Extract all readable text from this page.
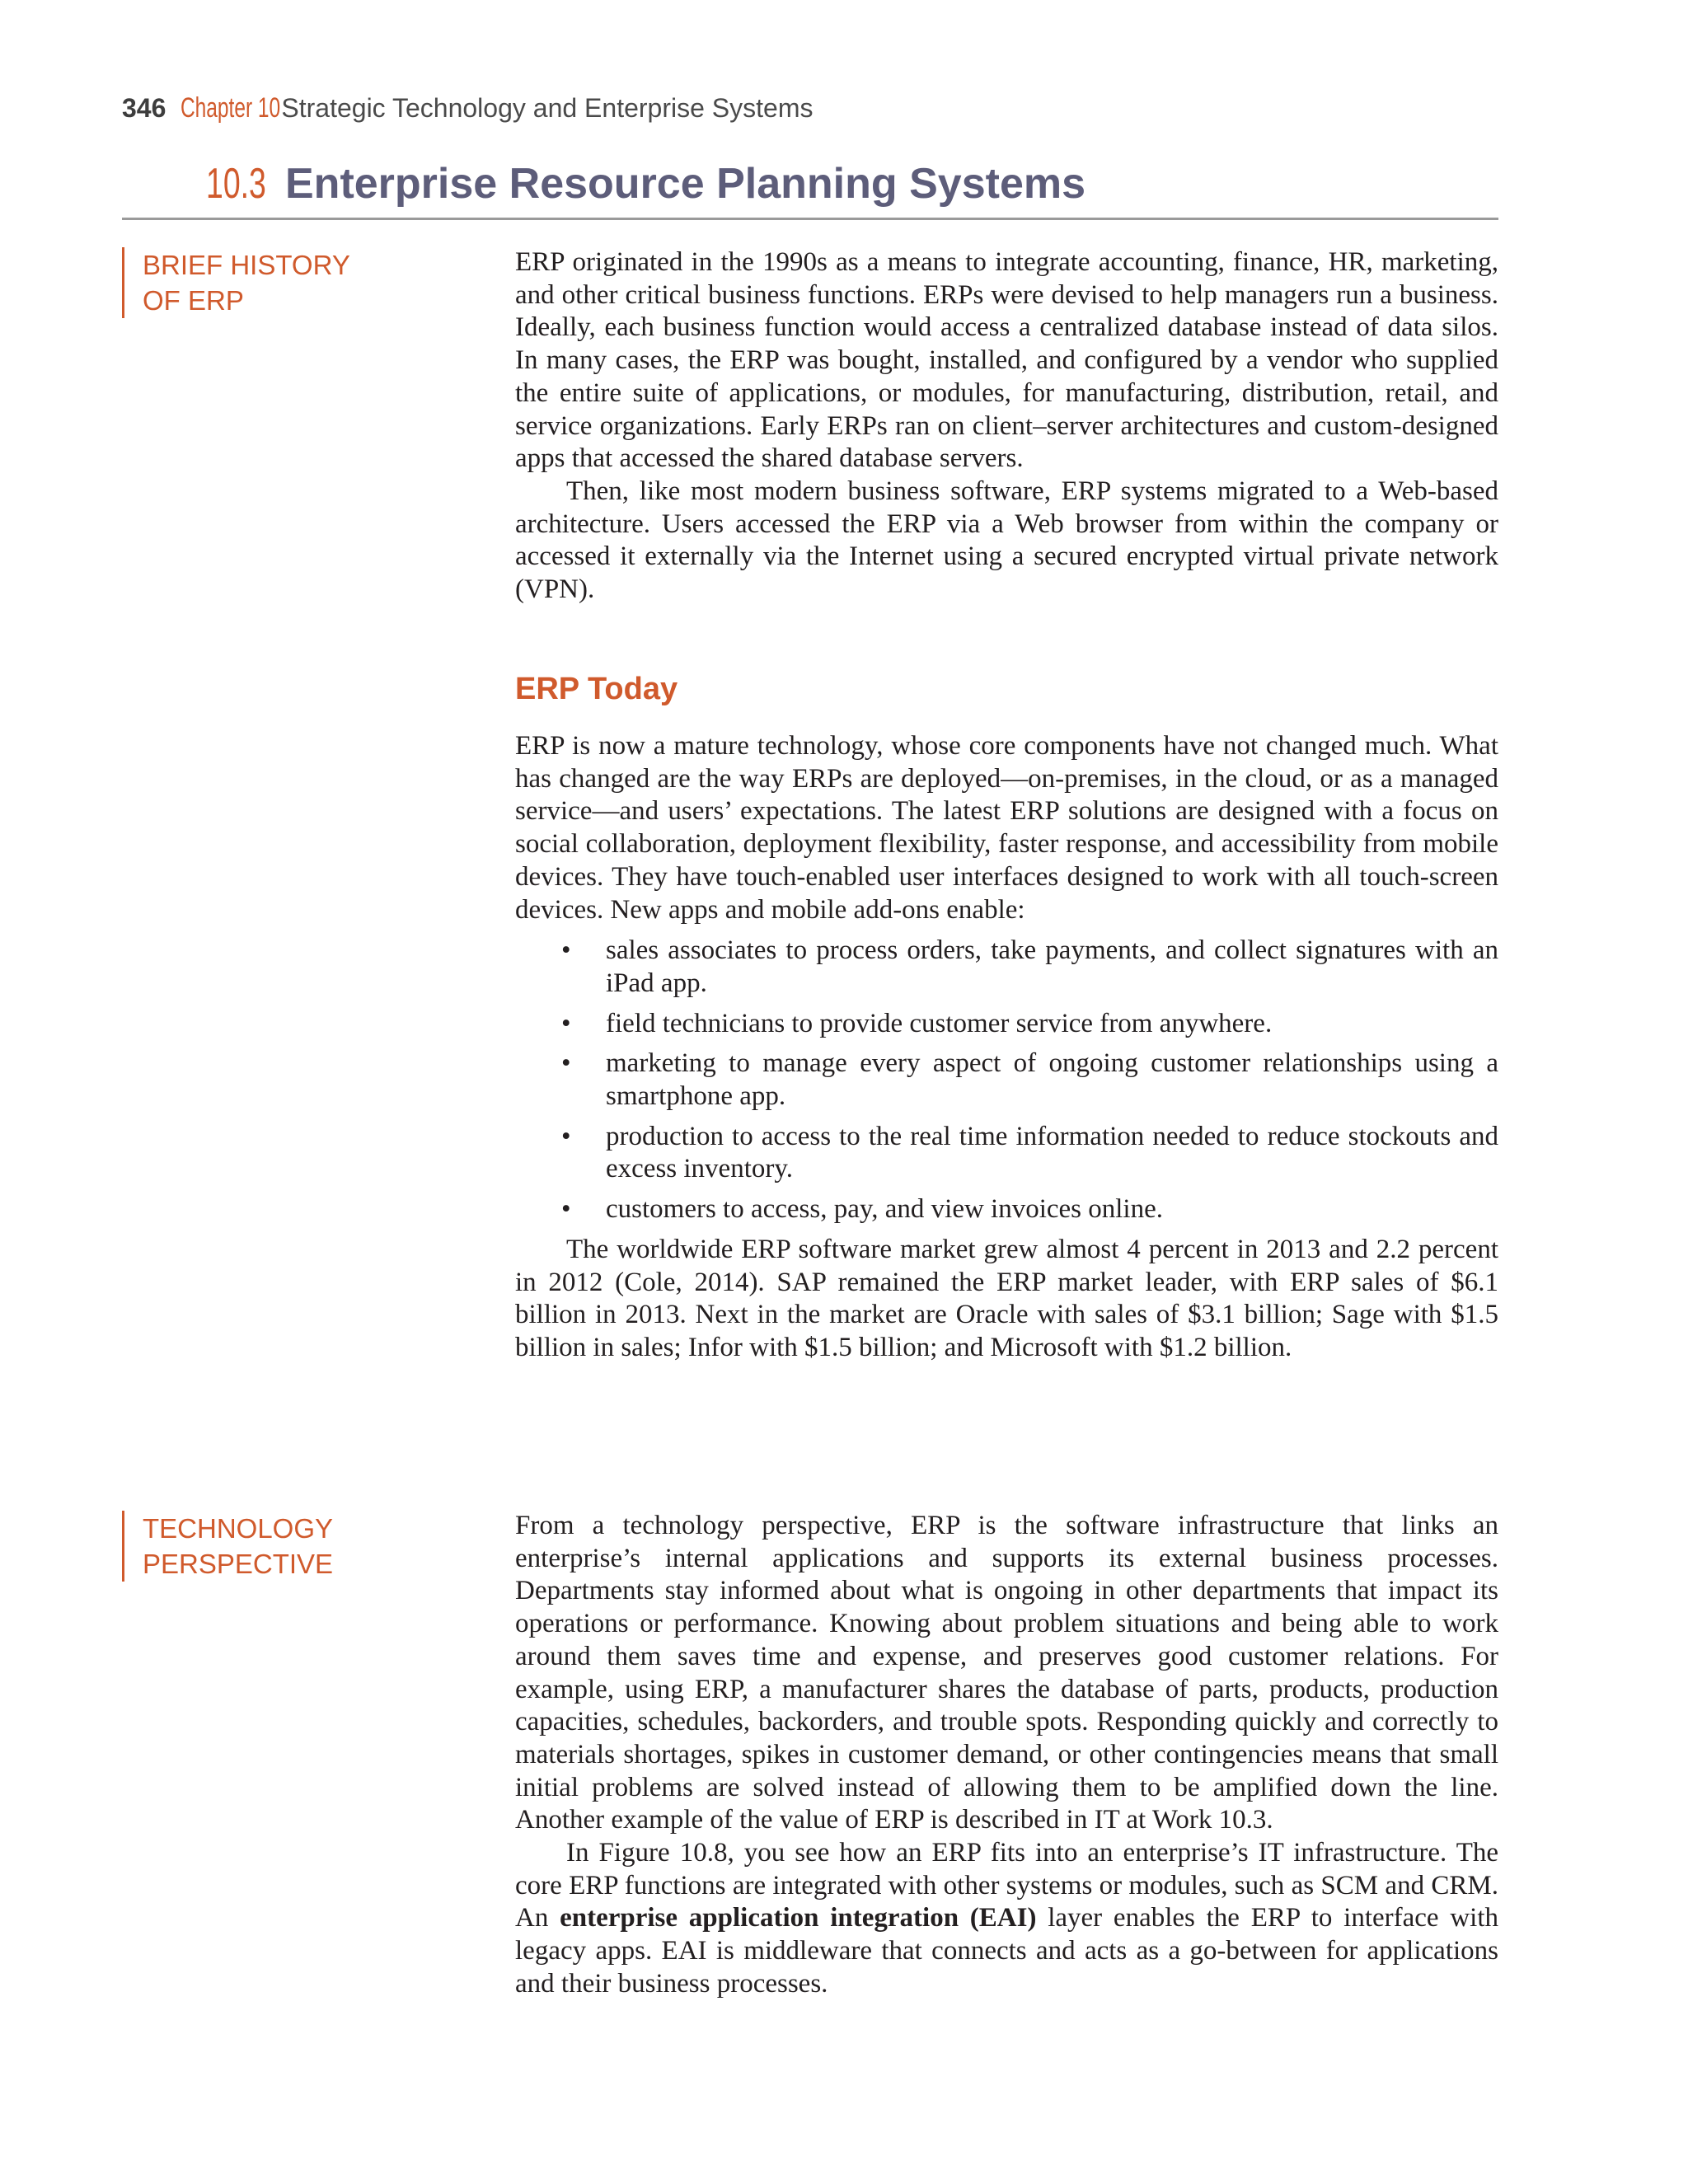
346 Chapter 10Strategic Technology and Enterprise Systems
10.3 Enterprise Resource Planning Systems
BRIEF HISTORY
OF ERP

ERP originated in the 1990s as a means to integrate accounting, finance, HR, marketing, and other critical business functions. ERPs were devised to help managers run a business. Ideally, each business function would access a centralized database instead of data silos. In many cases, the ERP was bought, installed, and configured by a vendor who supplied the entire suite of applications, or modules, for manufacturing, distribution, retail, and service organizations. Early ERPs ran on client–server architectures and custom-designed apps that accessed the shared database servers.

Then, like most modern business software, ERP systems migrated to a Web-based architecture. Users accessed the ERP via a Web browser from within the company or accessed it externally via the Internet using a secured encrypted virtual private network (VPN).

ERP Today

ERP is now a mature technology, whose core components have not changed much. What has changed are the way ERPs are deployed—on-premises, in the cloud, or as a managed service—and users’ expectations. The latest ERP solutions are designed with a focus on social collaboration, deployment flexibility, faster response, and accessibility from mobile devices. They have touch-enabled user interfaces designed to work with all touch-screen devices. New apps and mobile add-ons enable:

• sales associates to process orders, take payments, and collect signatures with an iPad app.
• field technicians to provide customer service from anywhere.
• marketing to manage every aspect of ongoing customer relationships using a smartphone app.
• production to access to the real time information needed to reduce stockouts and excess inventory.
• customers to access, pay, and view invoices online.

The worldwide ERP software market grew almost 4 percent in 2013 and 2.2 percent in 2012 (Cole, 2014). SAP remained the ERP market leader, with ERP sales of $6.1 billion in 2013. Next in the market are Oracle with sales of $3.1 billion; Sage with $1.5 billion in sales; Infor with $1.5 billion; and Microsoft with $1.2 billion.

TECHNOLOGY
PERSPECTIVE

From a technology perspective, ERP is the software infrastructure that links an enterprise’s internal applications and supports its external business processes. Departments stay informed about what is ongoing in other departments that impact its operations or performance. Knowing about problem situations and being able to work around them saves time and expense, and preserves good customer relations. For example, using ERP, a manufacturer shares the database of parts, products, production capacities, schedules, backorders, and trouble spots. Responding quickly and correctly to materials shortages, spikes in customer demand, or other contingencies means that small initial problems are solved instead of allowing them to be amplified down the line. Another example of the value of ERP is described in IT at Work 10.3.

In Figure 10.8, you see how an ERP fits into an enterprise’s IT infrastructure. The core ERP functions are integrated with other systems or modules, such as SCM and CRM. An enterprise application integration (EAI) layer enables the ERP to interface with legacy apps. EAI is middleware that connects and acts as a go-between for applications and their business processes.
